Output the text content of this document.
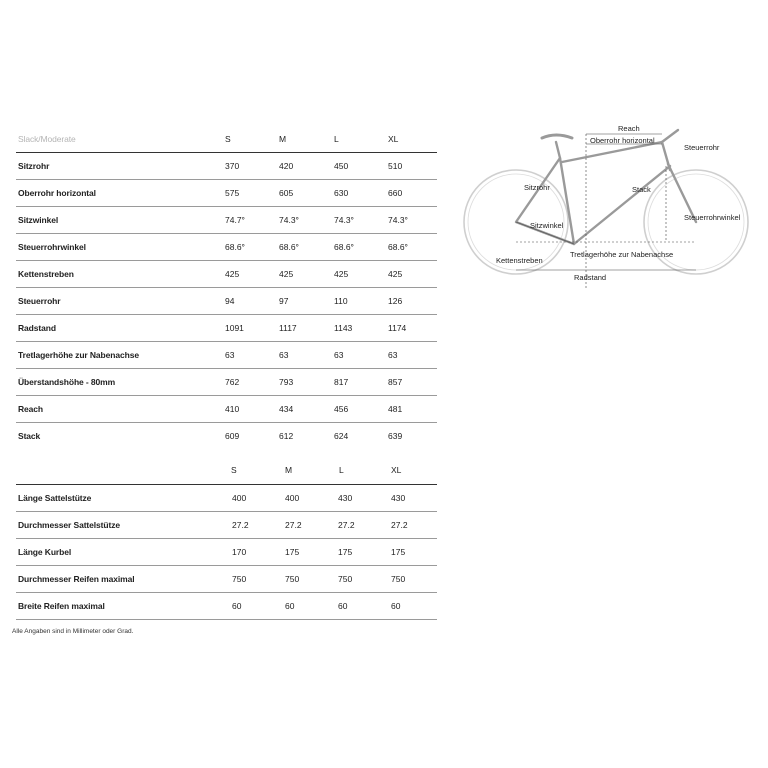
Slack/Moderate	S	M	L	XL
Sitzrohr	370	420	450	510
Oberrohr horizontal	575	605	630	660
Sitzwinkel	74.7°	74.3°	74.3°	74.3°
Steuerrohrwinkel	68.6°	68.6°	68.6°	68.6°
Kettenstreben	425	425	425	425
Steuerrohr	94	97	110	126
Radstand	1091	1117	1143	1174
Tretlagerhöhe zur Nabenachse	63	63	63	63
Überstandshöhe - 80mm	762	793	817	857
Reach	410	434	456	481
Stack	609	612	624	639
S	M	L	XL
Länge Sattelstütze	400	400	430	430
Durchmesser Sattelstütze	27.2	27.2	27.2	27.2
Länge Kurbel	170	175	175	175
Durchmesser Reifen maximal	750	750	750	750
Breite Reifen maximal	60	60	60	60
Alle Angaben sind in Millimeter oder Grad.
Reach
Oberrohr horizontal
Steuerrohr
Sitzrohr	Stack
Steuerrohrwinkel
Sitzwinkel
Tretlagerhöhe zur Nabenachse
Kettenstreben
Radstand
